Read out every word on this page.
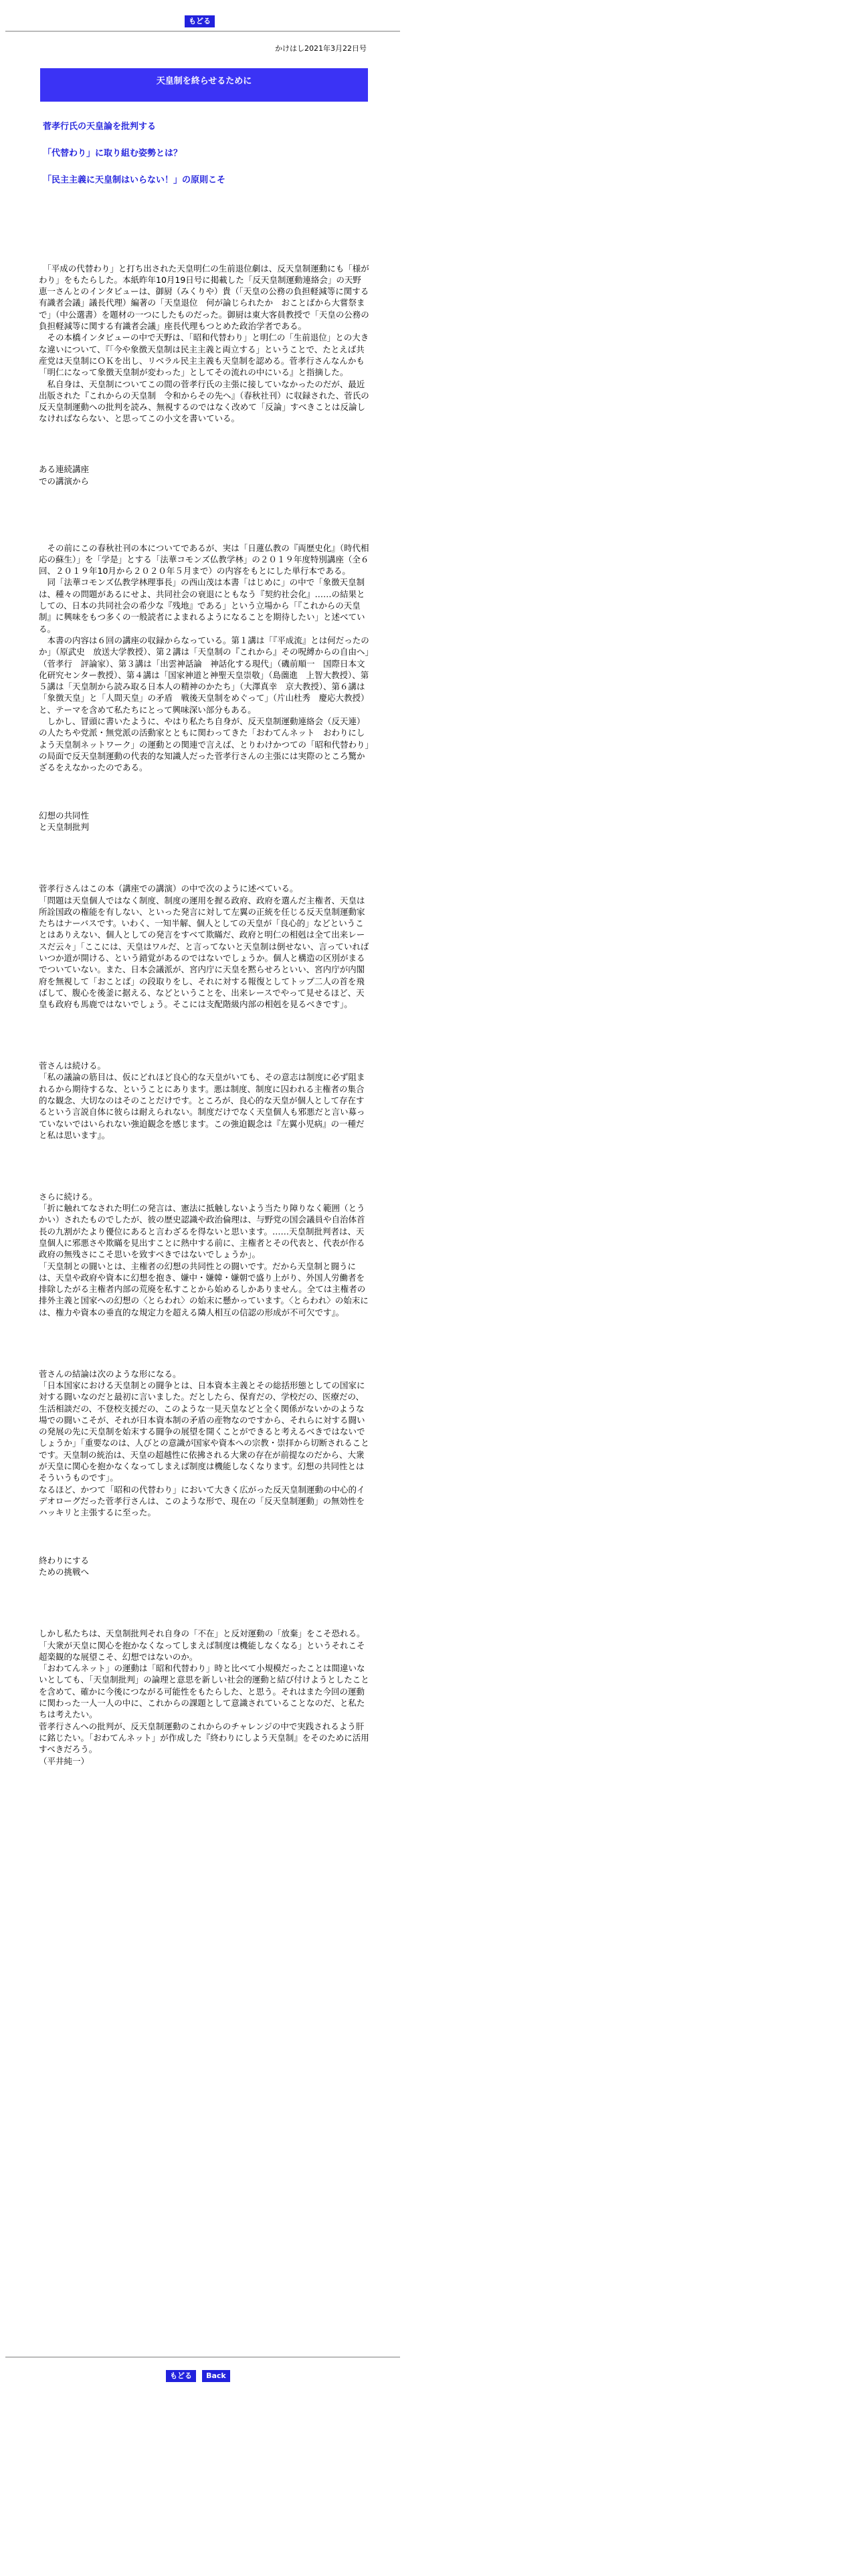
もどる
かけはし2021年3月22日号
天皇制を終らせるために
菅孝行氏の天皇論を批判する
「代替わり」に取り組む姿勢とは？
「民主主義に天皇制はいらない！」の原則こそ

　「平成の代替わり」と打ち出された天皇明仁の生前退位劇は、反天皇制運動にも「様がわり」をもたらした。本紙昨年10月19日号に掲載した「反天皇制運動連絡会」の天野恵一さんとのインタビューは、御厨（みくりや）貴（「天皇の公務の負担軽減等に関する有識者会議」議長代理）編著の「天皇退位　何が論じられたか　おことばから大嘗祭まで」（中公選書）を題材の一つにしたものだった。御厨は東大客員教授で「天皇の公務の負担軽減等に関する有識者会議」座長代理もつとめた政治学者である。
　その本橋インタビューの中で天野は、「昭和代替わり」と明仁の「生前退位」との大きな違いについて、『「今や象徴天皇制は民主主義と両立する」ということで、たとえば共産党は天皇制にＯＫを出し、リベラル民主主義も天皇制を認める。菅孝行さんなんかも「明仁になって象徴天皇制が変わった」としてその流れの中にいる』と指摘した。
　私自身は、天皇制についてこの間の菅孝行氏の主張に接していなかったのだが、最近出版された『これからの天皇制　令和からその先へ』（春秋社刊）に収録された、菅氏の反天皇制運動への批判を読み、無視するのではなく改めて「反論」すべきことは反論しなければならない、と思ってこの小文を書いている。

ある連続講座
での講演から

　その前にこの春秋社刊の本についてであるが、実は「日蓮仏教の『両歴史化』（時代相応の蘇生）」を「学是」とする「法華コモンズ仏教学林」の２０１９年度特別講座（全６回、２０１９年10月から２０２０年５月まで）の内容をもとにした単行本である。
　同「法華コモンズ仏教学林理事長」の西山茂は本書「はじめに」の中で「象徴天皇制は、種々の問題があるにせよ、共同社会の衰退にともなう『契約社会化』……の結果としての、日本の共同社会の希少な『残地』である」という立場から「『これからの天皇制』に興味をもつ多くの一般読者によまれるようになることを期待したい」と述べている。
　本書の内容は６回の講座の収録からなっている。第１講は「『平成流』とは何だったのか」（原武史　放送大学教授）、第２講は「天皇制の『これから』その呪縛からの自由へ」（菅孝行　評論家）、第３講は「出雲神話論　神話化する現代」（磯前順一　国際日本文化研究センター教授）、第４講は「国家神道と神聖天皇崇敬」（島薗進　上智大教授）、第５講は「天皇制から読み取る日本人の精神のかたち」（大澤真幸　京大教授）、第６講は「象徴天皇」と「人間天皇」の矛盾　戦後天皇制をめぐって」（片山杜秀　慶応大教授）と、テーマを含めて私たちにとって興味深い部分もある。
　しかし、冒頭に書いたように、やはり私たち自身が、反天皇制運動連絡会（反天連）の人たちや党派・無党派の活動家とともに関わってきた「おわてんネット　おわりにしよう天皇制ネットワーク」の運動との関連で言えば、とりわけかつての「昭和代替わり」の局面で反天皇制運動の代表的な知識人だった菅孝行さんの主張には実際のところ驚かざるをえなかったのである。

幻想の共同性
と天皇制批判

菅孝行さんはこの本（講座での講演）の中で次のように述べている。
「問題は天皇個人ではなく制度、制度の運用を握る政府、政府を選んだ主権者、天皇は所詮国政の権能を有しない、といった発言に対して左翼の正統を任じる反天皇制運動家たちはナーバスです。いわく、一知半解、個人としての天皇が「良心的」などということはありえない、個人としての発言をすべて欺瞞だ、政府と明仁の相剋は全て出来レースだ云々」「ここには、天皇はワルだ、と言ってないと天皇制は倒せない、言っていればいつか道が開ける、という錯覚があるのではないでしょうか。個人と構造の区別がまるでついていない。また、日本会議派が、宮内庁に天皇を黙らせろといい、宮内庁が内閣府を無視して「おことば」の段取りをし、それに対する報復としてトップ二人の首を飛ばして、腹心を後釜に据える、などということを、出来レースでやって見せるほど、天皇も政府も馬鹿ではないでしょう。そこには支配階級内部の相剋を見るべきです」。

菅さんは続ける。
「私の議論の筋目は、仮にどれほど良心的な天皇がいても、その意志は制度に必ず阻まれるから期待するな、ということにあります。悪は制度、制度に囚われる主権者の集合的な観念、大切なのはそのことだけです。ところが、良心的な天皇が個人として存在するという言説自体に彼らは耐えられない。制度だけでなく天皇個人も邪悪だと言い募っていないではいられない強迫観念を感じます。この強迫観念は『左翼小児病』の一種だと私は思います』。

さらに続ける。
「折に触れてなされた明仁の発言は、憲法に抵触しないよう当たり障りなく範囲（とうかい）されたものでしたが、彼の歴史認識や政治倫理は、与野党の国会議員や自治体首長の九割がたより優位にあると言わざるを得ないと思います。……天皇制批判者は、天皇個人に邪悪さや欺瞞を見出すことに熱中する前に、主権者とその代表と、代表が作る政府の無残さにこそ思いを致すべきではないでしょうか」。
「天皇制との闘いとは、主権者の幻想の共同性との闘いです。だから天皇制と闘うには、天皇や政府や資本に幻想を抱き、嫌中・嫌韓・嫌朝で盛り上がり、外国人労働者を排除したがる主権者内部の荒廃を私すことから始めるしかありません。全ては主権者の排外主義と国家への幻想の〈とらわれ〉の始末に懸かっています。〈とらわれ〉の始末には、権力や資本の垂直的な規定力を超える隣人相互の信認の形成が不可欠です』。

菅さんの結論は次のような形になる。
「日本国家における天皇制との闘争とは、日本資本主義とその総括形態としての国家に対する闘いなのだと最初に言いました。だとしたら、保育だの、学校だの、医療だの、生活相談だの、不登校支援だの、このような一見天皇などと全く関係がないかのような場での闘いこそが、それが日本資本制の矛盾の産物なのですから、それらに対する闘いの発展の先に天皇制を始末する闘争の展望を開くことができると考えるべきではないでしょうか」「重要なのは、人びとの意識が国家や資本への宗教・崇拝から切断されることです。天皇制の統治は、天皇の超越性に依拂される大衆の存在が前提なのだから、大衆が天皇に関心を抱かなくなってしまえば制度は機能しなくなります。幻想の共同性とはそういうものです」。
なるほど、かつて「昭和の代替わり」において大きく広がった反天皇制運動の中心的イデオローグだった菅孝行さんは、このような形で、現在の「反天皇制運動」の無効性をハッキリと主張するに至った。

終わりにする
ための挑戦へ

しかし私たちは、天皇制批判それ自身の「不在」と反対運動の「放棄」をこそ恐れる。「大衆が天皇に関心を抱かなくなってしまえば制度は機能しなくなる」というそれこそ超楽観的な展望こそ、幻想ではないのか。
「おわてんネット」の運動は「昭和代替わり」時と比べて小規模だったことは間違いないとしても、「天皇制批判」の論理と意思を新しい社会的運動と結び付けようとしたことを含めて、確かに今後につながる可能性をもたらした、と思う。それはまた今回の運動に関わった一人一人の中に、これからの課題として意識されていることなのだ、と私たちは考えたい。
菅孝行さんへの批判が、反天皇制運動のこれからのチャレンジの中で実践されるよう肝に銘じたい。「おわてんネット」が作成した『終わりにしよう天皇制』をそのために活用すべきだろう。
（平井純一）

もどる Back
